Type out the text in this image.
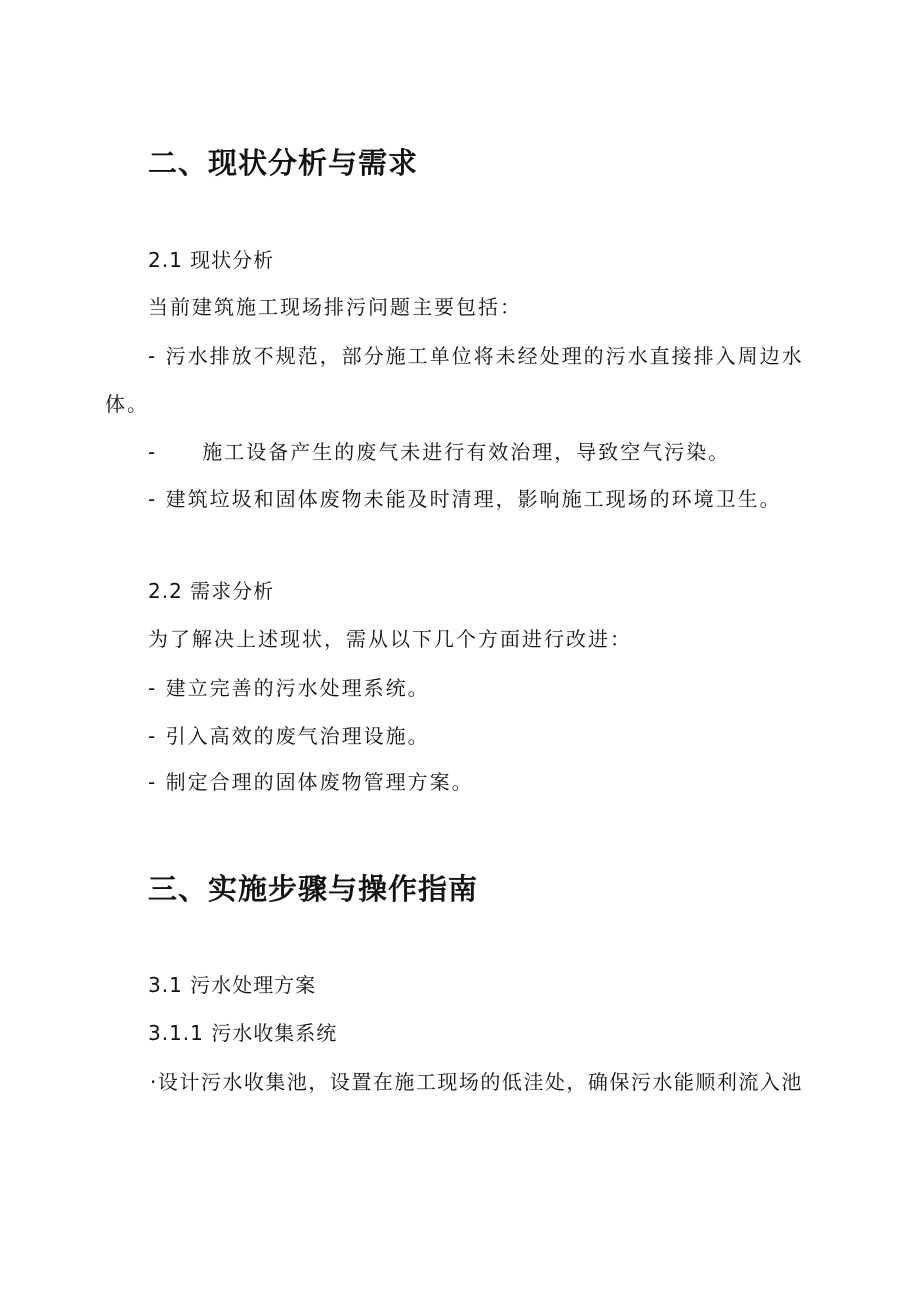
二、现状分析与需求
2.1 现状分析
当前建筑施工现场排污问题主要包括：
- 污水排放不规范，部分施工单位将未经处理的污水直接排入周边水
体。
- 施工设备产生的废气未进行有效治理，导致空气污染。
- 建筑垃圾和固体废物未能及时清理，影响施工现场的环境卫生。
2.2 需求分析
为了解决上述现状，需从以下几个方面进行改进：
- 建立完善的污水处理系统。
- 引入高效的废气治理设施。
- 制定合理的固体废物管理方案。
三、实施步骤与操作指南
3.1 污水处理方案
3.1.1 污水收集系统
·设计污水收集池，设置在施工现场的低洼处，确保污水能顺利流入池
